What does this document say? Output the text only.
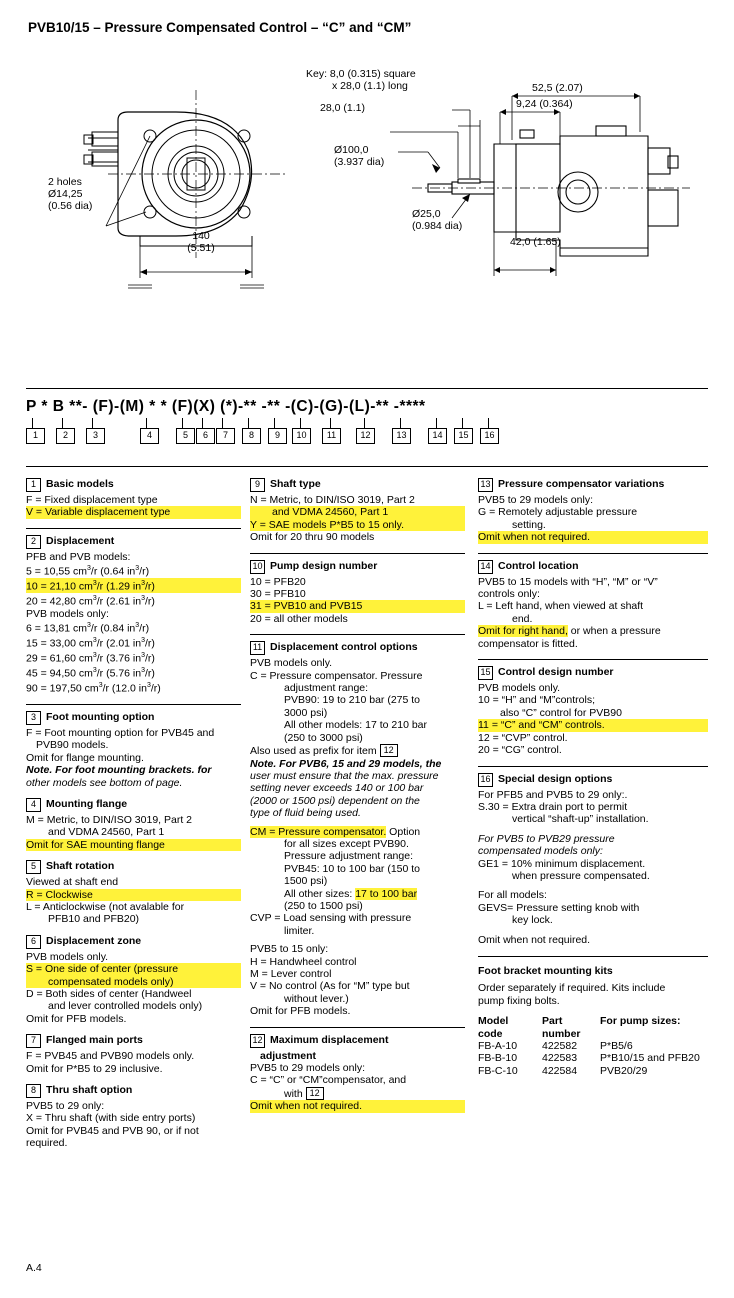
PVB10/15 – Pressure Compensated Control – “C” and “CM”
Key: 8,0 (0.315) square
x 28,0 (1.1) long
28,0 (1.1)
Ø100,0
(3.937 dia)
Ø25,0
(0.984 dia)
52,5 (2.07)
9,24 (0.364)
42,0 (1.65)
2 holes
Ø14,25
(0.56 dia)
140
(5.51)
P * B **- (F)-(M) * * (F)(X) (*)-** -** -(C)-(G)-(L)-** -****
1	2	3	4	5	6	7	8	9	10	11	12	13	14	15	16
1 Basic models
F = Fixed displacement type
V = Variable displacement type
2 Displacement
PFB and PVB models:
5 = 10,55 $cm^3/r$ (0.64 $in^3/r$)
10 = 21,10 $cm^3/r$ (1.29 $in^3/r$)
20 = 42,80 $cm^3/r$ (2.61 $in^3/r$)
PVB models only:
6 = 13,81 $cm^3/r$ (0.84 $in^3/r$)
15 = 33,00 $cm^3/r$ (2.01 $in^3/r$)
29 = 61,60 $cm^3/r$ (3.76 $in^3/r$)
45 = 94,50 $cm^3/r$ (5.76 $in^3/r$)
90 = 197,50 $cm^3/r$ (12.0 $in^3/r$)
3 Foot mounting option
F = Foot mounting option for PVB45 and
PVB90 models.
Omit for flange mounting.
Note. For foot mounting brackets. for
other models see bottom of page.
4 Mounting flange
M = Metric, to DIN/ISO 3019, Part 2
and VDMA 24560, Part 1
Omit for SAE mounting flange
5 Shaft rotation
Viewed at shaft end
R = Clockwise
L = Anticlockwise (not avalable for
PFB10 and PFB20)
6 Displacement zone
PVB models only.
S = One side of center (pressure
compensated models only)
D = Both sides of center (Handweel
and lever controlled models only)
Omit for PFB models.
7 Flanged main ports
F = PVB45 and PVB90 models only.
Omit for P*B5 to 29 inclusive.
8 Thru shaft option
PVB5 to 29 only:
X = Thru shaft (with side entry ports)
Omit for PVB45 and PVB 90, or if not
required.
9 Shaft type
N = Metric, to DIN/ISO 3019, Part 2
and VDMA 24560, Part 1
Y = SAE models P*B5 to 15 only.
Omit for 20 thru 90 models
10 Pump design number
10 = PFB20
30 = PFB10
31 = PVB10 and PVB15
20 = all other models
11 Displacement control options
PVB models only.
C = Pressure compensator. Pressure
adjustment range:
PVB90: 19 to 210 bar (275 to
3000 psi)
All other models: 17 to 210 bar
(250 to 3000 psi)
Also used as prefix for item 12
Note. For PVB6, 15 and 29 models, the
user must ensure that the max. pressure
setting never exceeds 140 or 100 bar
(2000 or 1500 psi) dependent on the
type of fluid being used.
CM = Pressure compensator. Option
for all sizes except PVB90.
Pressure adjustment range:
PVB45: 10 to 100 bar (150 to
1500 psi)
All other sizes: 17 to 100 bar
(250 to 1500 psi)
CVP = Load sensing with pressure
limiter.
PVB5 to 15 only:
H = Handwheel control
M = Lever control
V = No control (As for “M” type but
without lever.)
Omit for PFB models.
12 Maximum displacement
adjustment
PVB5 to 29 models only:
C = “C” or “CM”compensator, and
with 12
Omit when not required.
13 Pressure compensator variations
PVB5 to 29 models only:
G = Remotely adjustable pressure
setting.
Omit when not required.
14 Control location
PVB5 to 15 models with “H”, “M” or “V”
controls only:
L = Left hand, when viewed at shaft
end.
Omit for right hand, or when a pressure
compensator is fitted.
15 Control design number
PVB models only.
10 = “H” and “M”controls;
also “C” control for PVB90
11 = “C” and “CM” controls.
12 = “CVP” control.
20 = “CG” control.
16 Special design options
For PFB5 and PVB5 to 29 only:.
S.30 = Extra drain port to permit
vertical “shaft-up” installation.
For PVB5 to PVB29 pressure
compensated models only:
GE1 = 10% minimum displacement.
when pressure compensated.
For all models:
GEVS= Pressure setting knob with
key lock.
Omit when not required.
Foot bracket mounting kits
Order separately if required. Kits include
pump fixing bolts.
Model	Part	For pump sizes:
code	number	
FB-A-10	422582	P*B5/6
FB-B-10	422583	P*B10/15 and PFB20
FB-C-10	422584	PVB20/29
A.4
